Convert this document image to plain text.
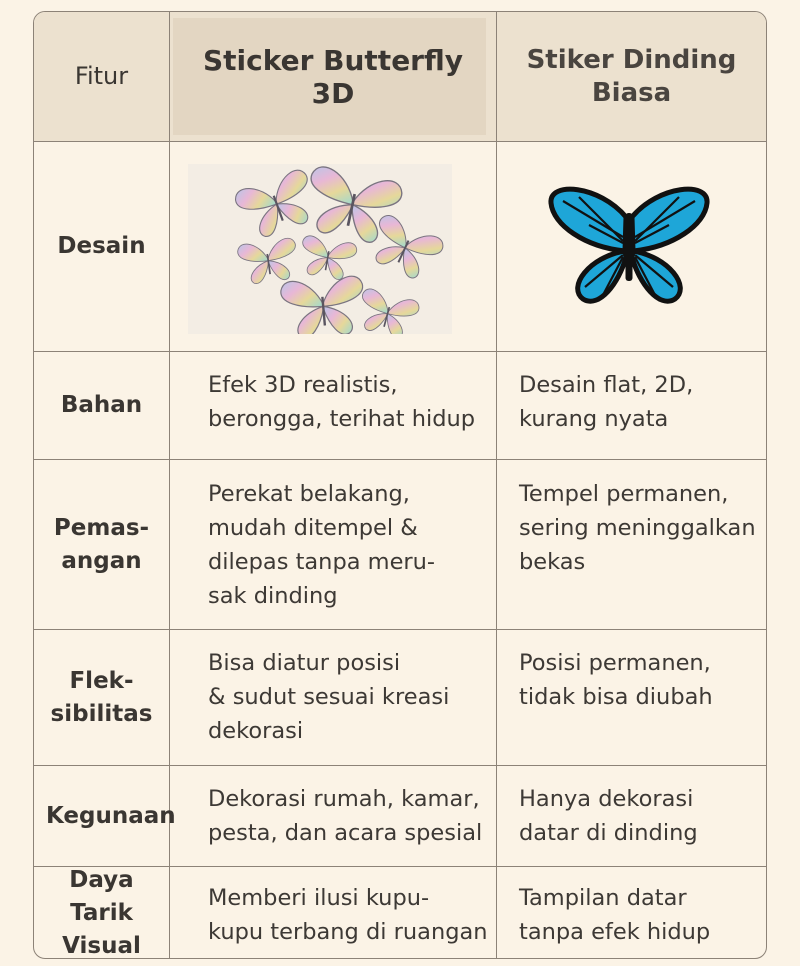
Fitur	Sticker Butterfly
3D
Stiker Dinding
Biasa
Desain
Bahan
Efek 3D realistis,
berongga, terihat hidup
Desain flat, 2D,
kurang nyata
Pemas-
angan
Perekat belakang,
mudah ditempel &
dilepas tanpa meru-
sak dinding
Tempel permanen,
sering meninggalkan
bekas
Flek-
sibilitas
Bisa diatur posisi
& sudut sesuai kreasi
dekorasi
Posisi permanen,
tidak bisa diubah
Kegunaan
Dekorasi rumah, kamar,
pesta, dan acara spesial
Hanya dekorasi
datar di dinding
Daya Tarik
Visual
Memberi ilusi kupu-
kupu terbang di ruangan
Tampilan datar
tanpa efek hidup
